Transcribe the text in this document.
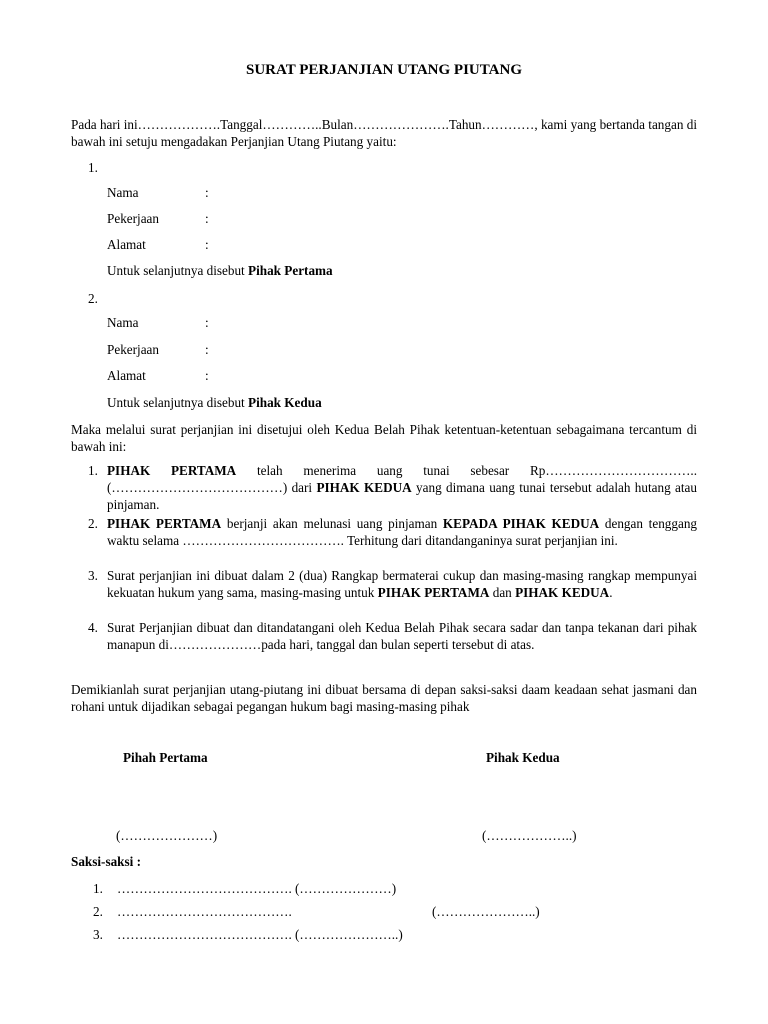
SURAT PERJANJIAN UTANG PIUTANG

Pada hari ini……………….Tanggal…………..Bulan………………….Tahun…………, kami yang bertanda tangan di bawah ini setuju mengadakan Perjanjian Utang Piutang yaitu:

1.
Nama	:
Pekerjaan	:
Alamat	:
Untuk selanjutnya disebut Pihak Pertama
2.
Nama	:
Pekerjaan	:
Alamat	:
Untuk selanjutnya disebut Pihak Kedua

Maka melalui surat perjanjian ini disetujui oleh Kedua Belah Pihak ketentuan-ketentuan sebagaimana tercantum di bawah ini:

1. PIHAK PERTAMA telah menerima uang tunai sebesar Rp…………………………….. (…………………………………) dari PIHAK KEDUA yang dimana uang tunai tersebut adalah hutang atau pinjaman.
2. PIHAK PERTAMA berjanji akan melunasi uang pinjaman KEPADA PIHAK KEDUA dengan tenggang waktu selama ………………………………. Terhitung dari ditandanganinya surat perjanjian ini.
3. Surat perjanjian ini dibuat dalam 2 (dua) Rangkap bermaterai cukup dan masing-masing rangkap mempunyai kekuatan hukum yang sama, masing-masing untuk PIHAK PERTAMA dan PIHAK KEDUA.
4. Surat Perjanjian dibuat dan ditandatangani oleh Kedua Belah Pihak secara sadar dan tanpa tekanan dari pihak manapun di…………………pada hari, tanggal dan bulan seperti tersebut di atas.

Demikianlah surat perjanjian utang-piutang ini dibuat bersama di depan saksi-saksi daam keadaan sehat jasmani dan rohani untuk dijadikan sebagai pegangan hukum bagi masing-masing pihak

Pihah Pertama	Pihak Kedua
(…………………)	(………………..)
Saksi-saksi :
1. …………………………………. (…………………)
2. ………………………………….	(…………………..)
3. …………………………………. (…………………..)
